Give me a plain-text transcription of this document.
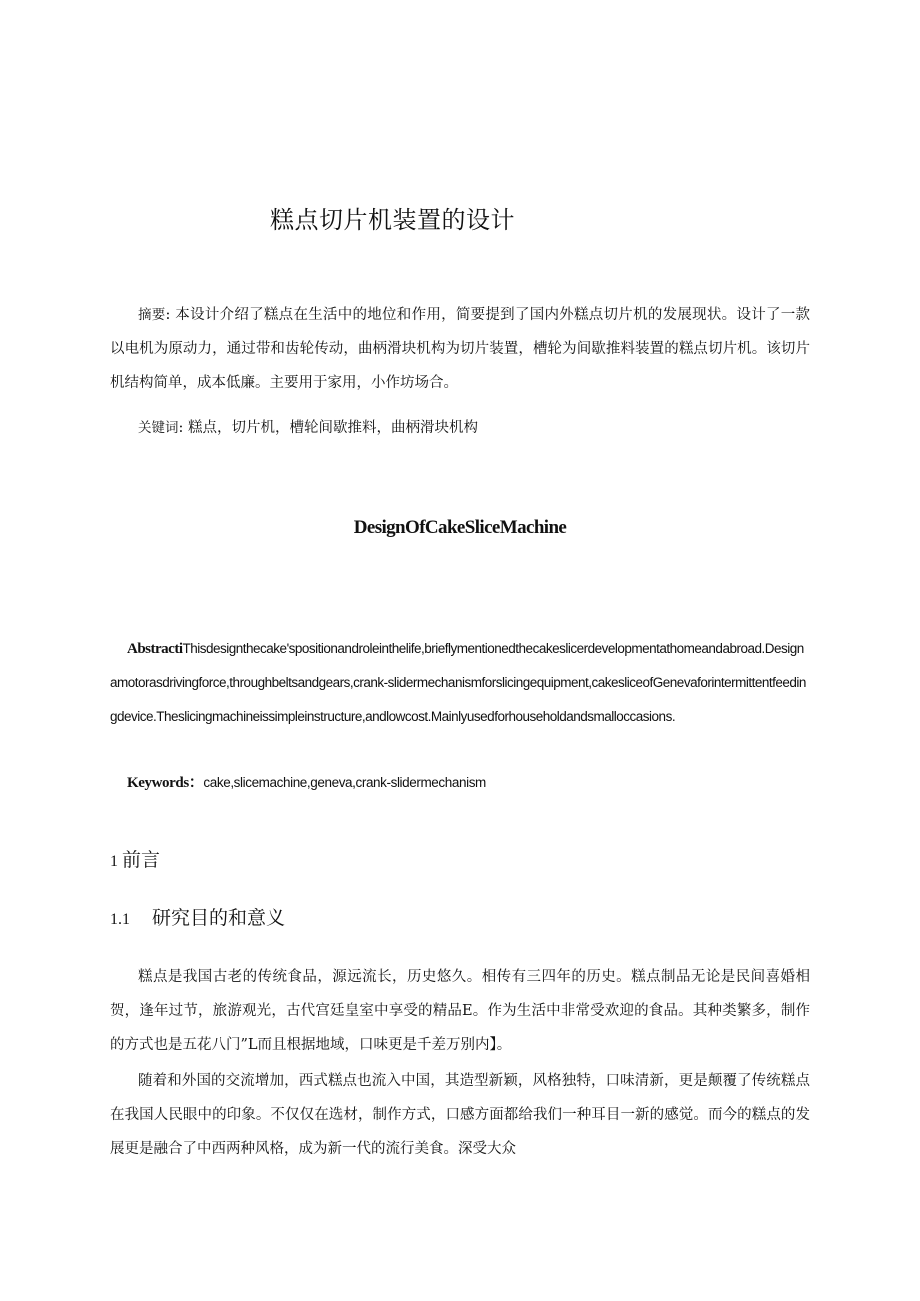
糕点切片机装置的设计
摘要: 本设计介绍了糕点在生活中的地位和作用，简要提到了国内外糕点切片机的发展现状。设计了一款以电机为原动力，通过带和齿轮传动，曲柄滑块机构为切片装置，槽轮为间歇推料装置的糕点切片机。该切片机结构简单，成本低廉。主要用于家用，小作坊场合。
关键词: 糕点，切片机，槽轮间歇推料，曲柄滑块机构
DesignOfCakeSliceMachine
AbstractiThisdesignthecake'spositionandroleinthelife,brieflymentionedthecakeslicerdevelopmentathomeandabroad.Designamotorasdrivingforce,throughbeltsandgears,crank-slidermechanismforslicingequipment,cakesliceofGenevaforintermittentfeedingdevice.Theslicingmachineissimpleinstructure,andlowcost.Mainlyusedforhouseholdandsmalloccasions.
Keywords：cake,slicemachine,geneva,crank-slidermechanism
1 前言
1.1 研究目的和意义
糕点是我国古老的传统食品，源远流长，历史悠久。相传有三四年的历史。糕点制品无论是民间喜婚相贺，逢年过节，旅游观光，古代宫廷皇室中享受的精品E。作为生活中非常受欢迎的食品。其种类繁多，制作的方式也是五花八门”L而且根据地域，口味更是千差万别内】。
随着和外国的交流增加，西式糕点也流入中国，其造型新颖，风格独特，口味清新，更是颠覆了传统糕点在我国人民眼中的印象。不仅仅在选材，制作方式，口感方面都给我们一种耳目一新的感觉。而今的糕点的发展更是融合了中西两种风格，成为新一代的流行美食。深受大众
